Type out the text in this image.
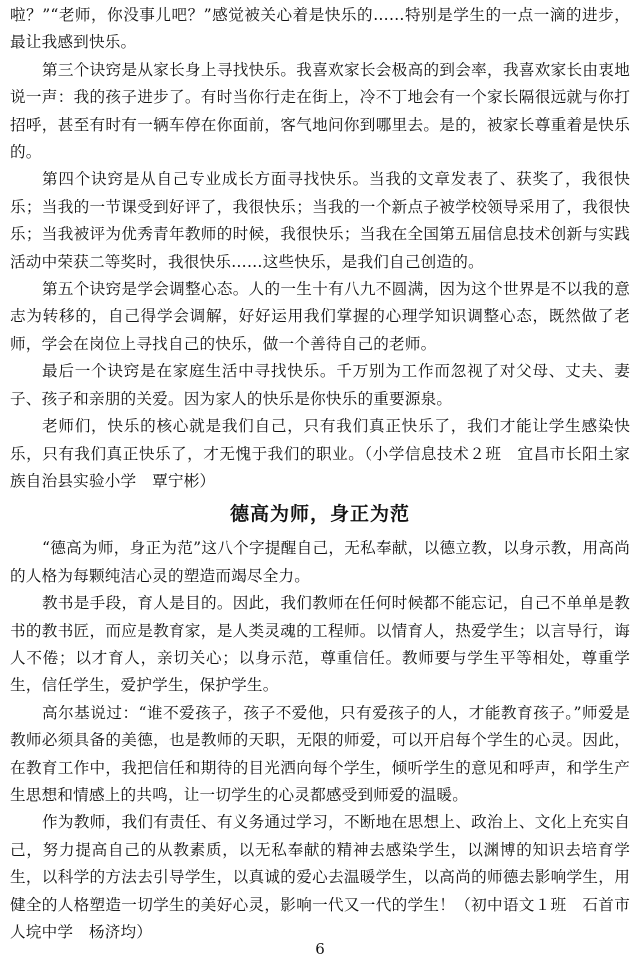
啦？”“老师，你没事儿吧？”感觉被关心着是快乐的……特别是学生的一点一滴的进步，最让我感到快乐。

第三个诀窍是从家长身上寻找快乐。我喜欢家长会极高的到会率，我喜欢家长由衷地说一声：我的孩子进步了。有时当你行走在街上，冷不丁地会有一个家长隔很远就与你打招呼，甚至有时有一辆车停在你面前，客气地问你到哪里去。是的，被家长尊重着是快乐的。

第四个诀窍是从自己专业成长方面寻找快乐。当我的文章发表了、获奖了，我很快乐；当我的一节课受到好评了，我很快乐；当我的一个新点子被学校领导采用了，我很快乐；当我被评为优秀青年教师的时候，我很快乐；当我在全国第五届信息技术创新与实践活动中荣获二等奖时，我很快乐……这些快乐，是我们自己创造的。

第五个诀窍是学会调整心态。人的一生十有八九不圆满，因为这个世界是不以我的意志为转移的，自己得学会调解，好好运用我们掌握的心理学知识调整心态，既然做了老师，学会在岗位上寻找自己的快乐，做一个善待自己的老师。

最后一个诀窍是在家庭生活中寻找快乐。千万别为工作而忽视了对父母、丈夫、妻子、孩子和亲朋的关爱。因为家人的快乐是你快乐的重要源泉。

老师们，快乐的核心就是我们自己，只有我们真正快乐了，我们才能让学生感染快乐，只有我们真正快乐了，才无愧于我们的职业。（小学信息技术２班　宜昌市长阳土家族自治县实验小学　覃宁彬）

德高为师，身正为范

“德高为师，身正为范”这八个字提醒自己，无私奉献，以德立教，以身示教，用高尚的人格为每颗纯洁心灵的塑造而竭尽全力。

教书是手段，育人是目的。因此，我们教师在任何时候都不能忘记，自己不单单是教书的教书匠，而应是教育家，是人类灵魂的工程师。以情育人，热爱学生；以言导行，诲人不倦；以才育人，亲切关心；以身示范，尊重信任。教师要与学生平等相处，尊重学生，信任学生，爱护学生，保护学生。

高尔基说过：“谁不爱孩子，孩子不爱他，只有爱孩子的人，才能教育孩子。”师爱是教师必须具备的美德，也是教师的天职，无限的师爱，可以开启每个学生的心灵。因此，在教育工作中，我把信任和期待的目光洒向每个学生，倾听学生的意见和呼声，和学生产生思想和情感上的共鸣，让一切学生的心灵都感受到师爱的温暖。

作为教师，我们有责任、有义务通过学习，不断地在思想上、政治上、文化上充实自己，努力提高自己的从教素质，以无私奉献的精神去感染学生，以渊博的知识去培育学生，以科学的方法去引导学生，以真诚的爱心去温暖学生，以高尚的师德去影响学生，用健全的人格塑造一切学生的美好心灵，影响一代又一代的学生！（初中语文１班　石首市人垸中学　杨济均）

6
